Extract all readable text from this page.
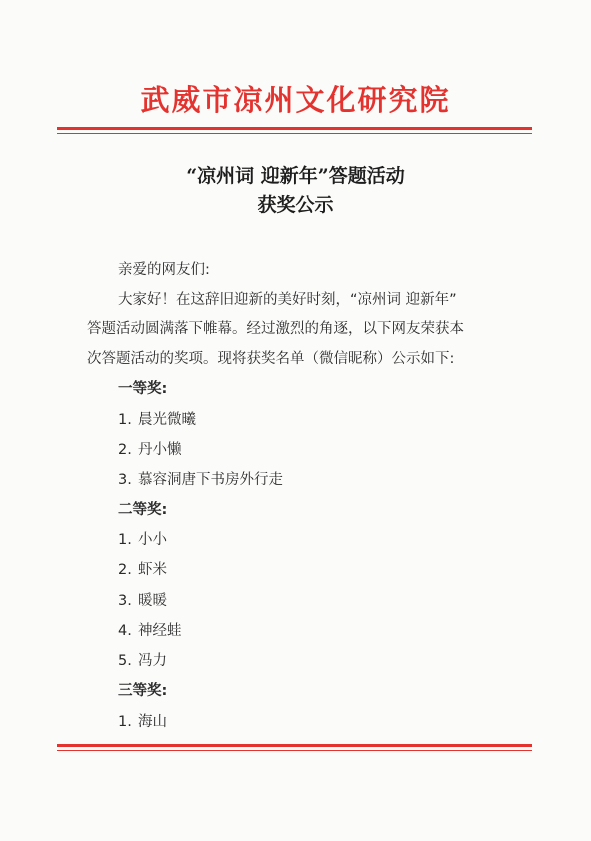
武威市凉州文化研究院
“凉州词 迎新年”答题活动
获奖公示
亲爱的网友们:
大家好！在这辞旧迎新的美好时刻，“凉州词 迎新年”
答题活动圆满落下帷幕。经过激烈的角逐，以下网友荣获本
次答题活动的奖项。现将获奖名单（微信昵称）公示如下:
一等奖:
1. 晨光微曦
2. 丹小懒
3. 慕容洞唐下书房外行走
二等奖:
1. 小小
2. 虾米
3. 暖暖
4. 神经蛙
5. 冯力
三等奖:
1. 海山
